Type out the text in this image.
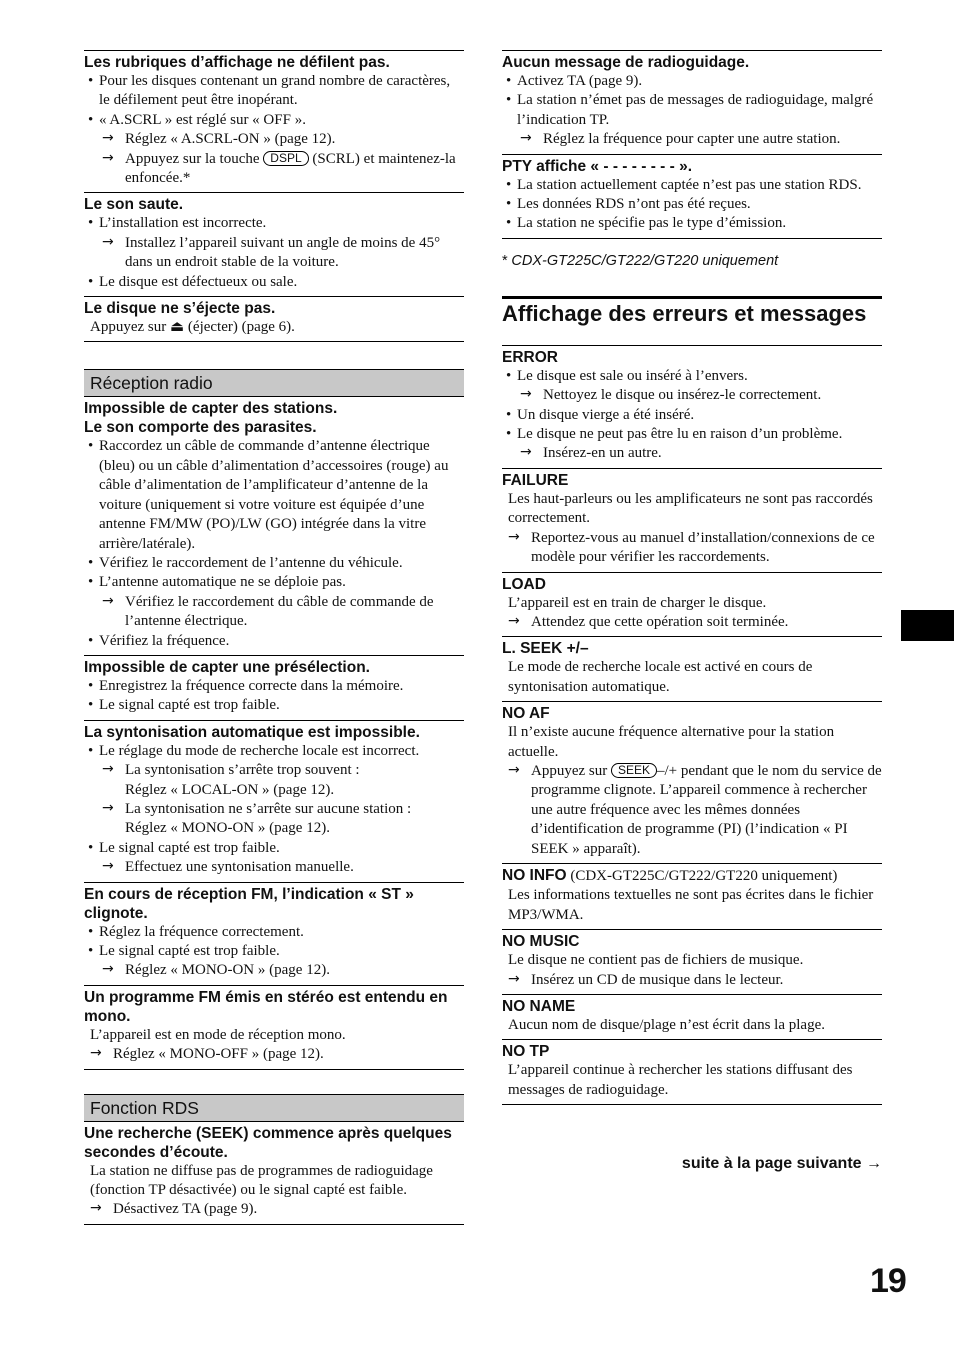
Les rubriques d’affichage ne défilent pas.
• Pour les disques contenant un grand nombre de caractères, le défilement peut être inopérant.
• « A.SCRL » est réglé sur « OFF ».
→ Réglez « A.SCRL-ON » (page 12).
→ Appuyez sur la touche DSPL (SCRL) et maintenez-la enfoncée.*
Le son saute.
• L’installation est incorrecte.
→ Installez l’appareil suivant un angle de moins de 45° dans un endroit stable de la voiture.
• Le disque est défectueux ou sale.
Le disque ne s’éjecte pas.
Appuyez sur ⏏ (éjecter) (page 6).
Réception radio
Impossible de capter des stations.
Le son comporte des parasites.
• Raccordez un câble de commande d’antenne électrique (bleu) ou un câble d’alimentation d’accessoires (rouge) au câble d’alimentation de l’amplificateur d’antenne de la voiture (uniquement si votre voiture est équipée d’une antenne FM/MW (PO)/LW (GO) intégrée dans la vitre arrière/latérale).
• Vérifiez le raccordement de l’antenne du véhicule.
• L’antenne automatique ne se déploie pas.
→ Vérifiez le raccordement du câble de commande de l’antenne électrique.
• Vérifiez la fréquence.
Impossible de capter une présélection.
• Enregistrez la fréquence correcte dans la mémoire.
• Le signal capté est trop faible.
La syntonisation automatique est impossible.
• Le réglage du mode de recherche locale est incorrect.
→ La syntonisation s’arrête trop souvent :
Réglez « LOCAL-ON » (page 12).
→ La syntonisation ne s’arrête sur aucune station :
Réglez « MONO-ON » (page 12).
• Le signal capté est trop faible.
→ Effectuez une syntonisation manuelle.
En cours de réception FM, l’indication « ST » clignote.
• Réglez la fréquence correctement.
• Le signal capté est trop faible.
→ Réglez « MONO-ON » (page 12).
Un programme FM émis en stéréo est entendu en mono.
L’appareil est en mode de réception mono.
→ Réglez « MONO-OFF » (page 12).
Fonction RDS
Une recherche (SEEK) commence après quelques secondes d’écoute.
La station ne diffuse pas de programmes de radioguidage (fonction TP désactivée) ou le signal capté est faible.
→ Désactivez TA (page 9).
Aucun message de radioguidage.
• Activez TA (page 9).
• La station n’émet pas de messages de radioguidage, malgré l’indication TP.
→ Réglez la fréquence pour capter une autre station.
PTY affiche « - - - - - - - - ».
• La station actuellement captée n’est pas une station RDS.
• Les données RDS n’ont pas été reçues.
• La station ne spécifie pas le type d’émission.
* CDX-GT225C/GT222/GT220 uniquement
Affichage des erreurs et messages
ERROR
• Le disque est sale ou inséré à l’envers.
→ Nettoyez le disque ou insérez-le correctement.
• Un disque vierge a été inséré.
• Le disque ne peut pas être lu en raison d’un problème.
→ Insérez-en un autre.
FAILURE
Les haut-parleurs ou les amplificateurs ne sont pas raccordés correctement.
→ Reportez-vous au manuel d’installation/connexions de ce modèle pour vérifier les raccordements.
LOAD
L’appareil est en train de charger le disque.
→ Attendez que cette opération soit terminée.
L. SEEK +/–
Le mode de recherche locale est activé en cours de syntonisation automatique.
NO AF
Il n’existe aucune fréquence alternative pour la station actuelle.
→ Appuyez sur SEEK –/+ pendant que le nom du service de programme clignote. L’appareil commence à rechercher une autre fréquence avec les mêmes données d’identification de programme (PI) (l’indication « PI SEEK » apparaît).
NO INFO (CDX-GT225C/GT222/GT220 uniquement)
Les informations textuelles ne sont pas écrites dans le fichier MP3/WMA.
NO MUSIC
Le disque ne contient pas de fichiers de musique.
→ Insérez un CD de musique dans le lecteur.
NO NAME
Aucun nom de disque/plage n’est écrit dans la plage.
NO TP
L’appareil continue à rechercher les stations diffusant des messages de radioguidage.
suite à la page suivante →
19
